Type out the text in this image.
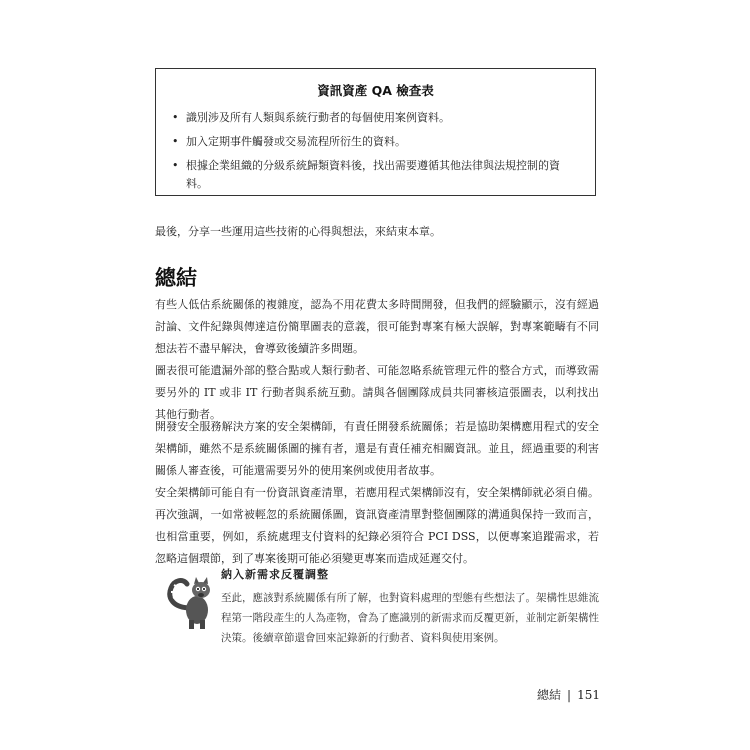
資訊資產 QA 檢查表
• 識別涉及所有人類與系統行動者的每個使用案例資料。
• 加入定期事件觸發或交易流程所衍生的資料。
• 根據企業組織的分級系統歸類資料後，找出需要遵循其他法律與法規控制的資料。

最後，分享一些運用這些技術的心得與想法，來結束本章。

總結

有些人低估系統關係的複雜度，認為不用花費太多時間開發，但我們的經驗顯示，沒有經過討論、文件紀錄與傳達這份簡單圖表的意義，很可能對專案有極大誤解，對專案範疇有不同想法若不盡早解決，會導致後續許多問題。

圖表很可能遺漏外部的整合點或人類行動者、可能忽略系統管理元件的整合方式，而導致需要另外的 IT 或非 IT 行動者與系統互動。請與各個團隊成員共同審核這張圖表，以利找出其他行動者。

開發安全服務解決方案的安全架構師，有責任開發系統關係；若是協助架構應用程式的安全架構師，雖然不是系統關係圖的擁有者，還是有責任補充相關資訊。並且，經過重要的利害關係人審查後，可能還需要另外的使用案例或使用者故事。

安全架構師可能自有一份資訊資產清單，若應用程式架構師沒有，安全架構師就必須自備。再次強調，一如常被輕忽的系統關係圖，資訊資產清單對整個團隊的溝通與保持一致而言，也相當重要，例如，系統處理支付資料的紀錄必須符合 PCI DSS，以便專案追蹤需求，若忽略這個環節，到了專案後期可能必須變更專案而造成延遲交付。

納入新需求反覆調整

至此，應該對系統關係有所了解，也對資料處理的型態有些想法了。架構性思維流程第一階段產生的人為產物，會為了應識別的新需求而反覆更新，並制定新架構性決策。後續章節還會回來記錄新的行動者、資料與使用案例。

總結 | 151
